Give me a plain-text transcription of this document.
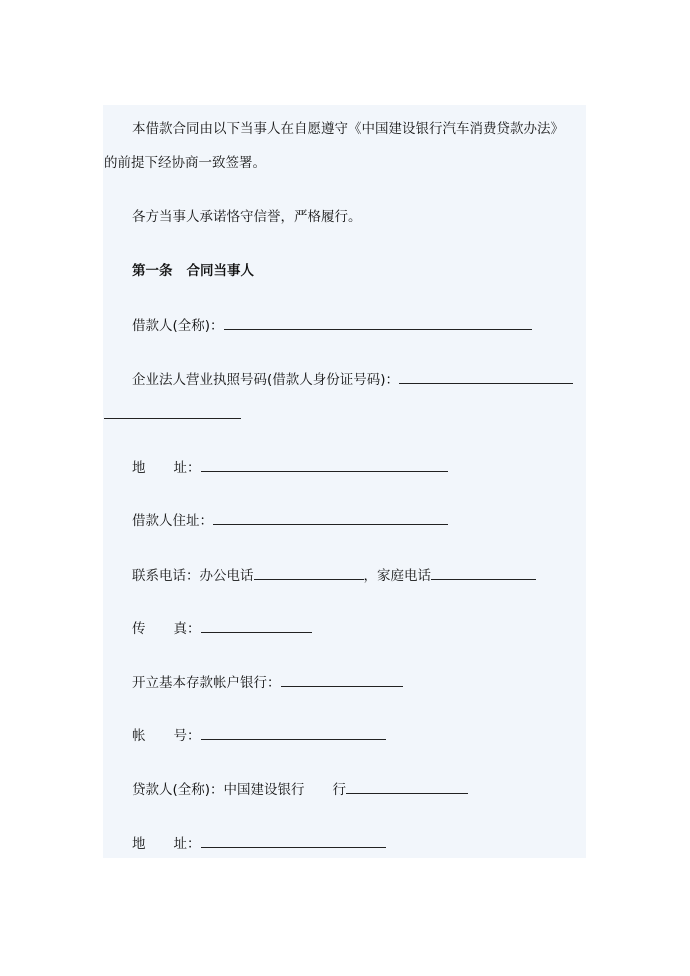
本借款合同由以下当事人在自愿遵守《中国建设银行汽车消费贷款办法》
的前提下经协商一致签署。
各方当事人承诺恪守信誉，严格履行。
第一条 合同当事人
借款人(全称)：
企业法人营业执照号码(借款人身份证号码)：
地 址：
借款人住址：
联系电话：办公电话	，家庭电话
传 真：
开立基本存款帐户银行：
帐 号：
贷款人(全称)：中国建设银行 行
地 址：
